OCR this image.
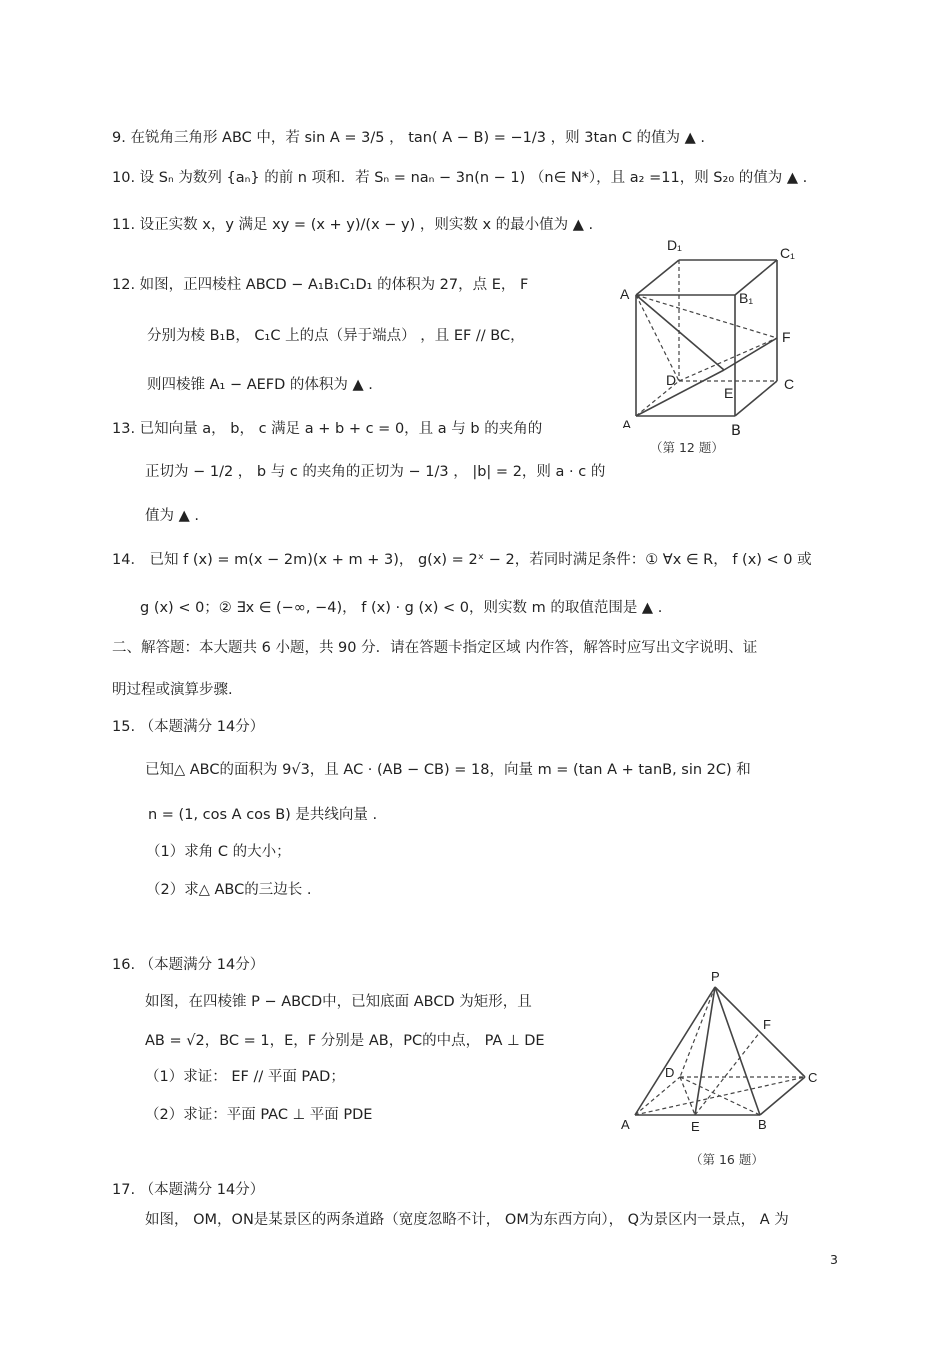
9. 在锐角三角形 ABC 中，若 sin A = 3/5 ， tan( A − B) = −1/3 ，则 3tan C 的值为 ▲ .
10. 设 Sₙ 为数列 {aₙ} 的前 n 项和．若 Sₙ = naₙ − 3n(n − 1) （n∈ N*），且 a₂ =11，则 S₂₀ 的值为 ▲ .
11. 设正实数 x，y 满足 xy = (x + y)/(x − y) ，则实数 x 的最小值为 ▲ .
12. 如图，正四棱柱 ABCD − A₁B₁C₁D₁ 的体积为 27，点 E， F
分别为棱 B₁B， C₁C 上的点（异于端点） ，且 EF // BC，
则四棱锥 A₁ − AEFD 的体积为 ▲ .
13. 已知向量 a， b， c 满足 a + b + c = 0，且 a 与 b 的夹角的
正切为 − 1/2 ， b 与 c 的夹角的正切为 − 1/3 ， |b| = 2，则 a · c 的
值为 ▲ .
14． 已知 f (x) = m(x − 2m)(x + m + 3)， g(x) = 2ˣ − 2，若同时满足条件：① ∀x ∈ R， f (x) < 0 或
g (x) < 0；② ∃x ∈ (−∞, −4)， f (x) · g (x) < 0，则实数 m 的取值范围是 ▲ .
二、解答题：本大题共 6 小题，共 90 分．请在答题卡指定区域 内作答，解答时应写出文字说明、证
明过程或演算步骤.
15. （本题满分 14分）
已知△ ABC的面积为 9√3，且 AC · (AB − CB) = 18，向量 m = (tan A + tanB, sin 2C) 和
n = (1, cos A cos B) 是共线向量 .
（1）求角 C 的大小；
（2）求△ ABC的三边长 .
16. （本题满分 14分）
如图，在四棱锥 P − ABCD中，已知底面 ABCD 为矩形，且
AB = √2，BC = 1，E，F 分别是 AB，PC的中点， PA ⊥ DE
（1）求证： EF // 平面 PAD；
（2）求证：平面 PAC ⊥ 平面 PDE
17. （本题满分 14分）
如图， OM，ON是某景区的两条道路（宽度忽略不计， OM为东西方向）， Q为景区内一景点， A 为
D₁	C₁
A	B₁
F
D
E
C
A	B
（第 12 题）
P
F
D	C
A	E	B
（第 16 题）
3
